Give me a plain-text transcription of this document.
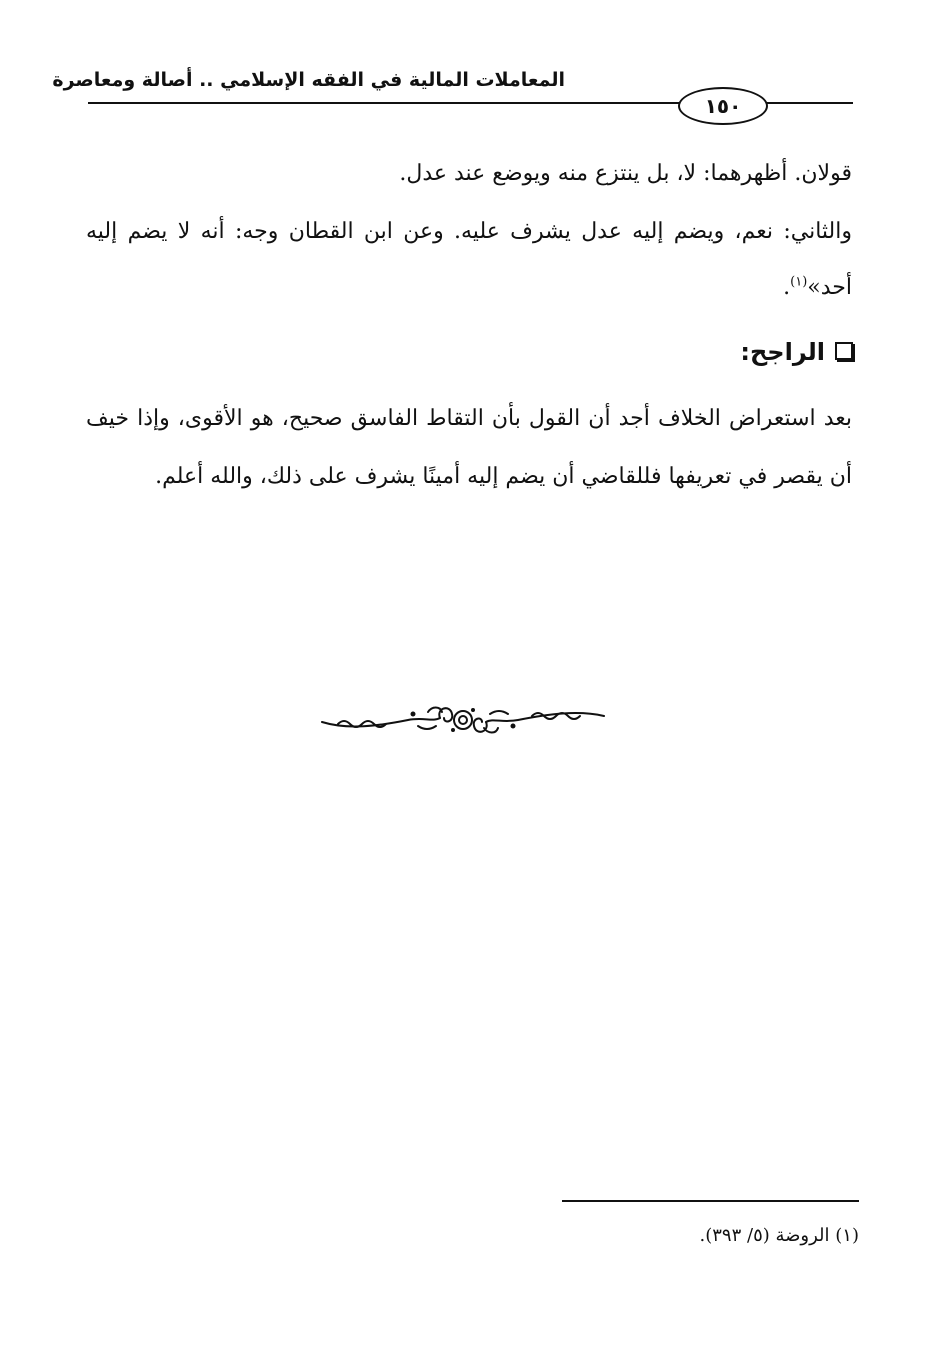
المعاملات المالية في الفقه الإسلامي .. أصالة ومعاصرة
١٥٠

قولان. أظهرهما: لا، بل ينتزع منه ويوضع عند عدل.

والثاني: نعم، ويضم إليه عدل يشرف عليه. وعن ابن القطان وجه: أنه لا يضم إليه أحد»$^{(١)}$.

الراجح:

بعد استعراض الخلاف أجد أن القول بأن التقاط الفاسق صحيح، هو الأقوى، وإذا خيف أن يقصر في تعريفها فللقاضي أن يضم إليه أمينًا يشرف على ذلك، والله أعلم.

(١) الروضة (٥/ ٣٩٣).
